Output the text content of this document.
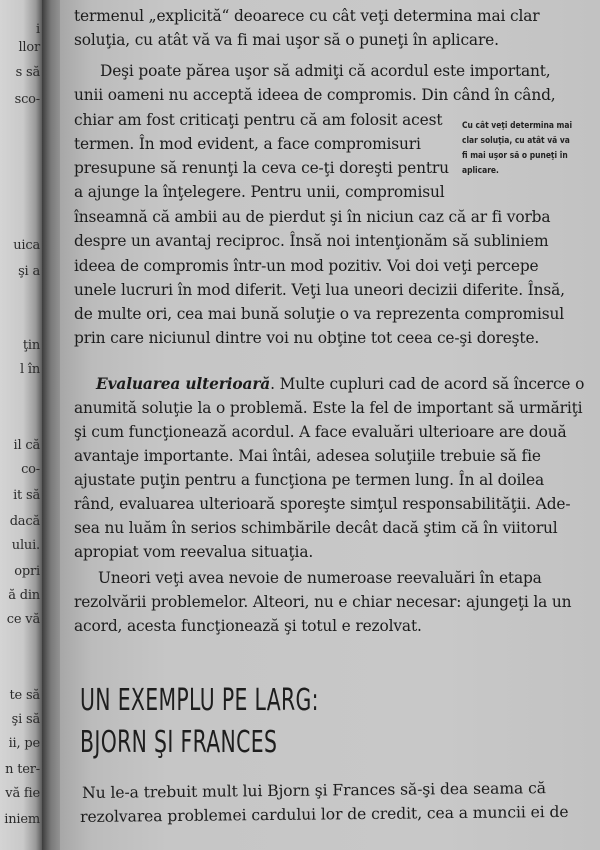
i
llor
s să
sco-
uica
şi a
ţin
l în
il că
co-
it să
dacă
ului.
opri
ă din
ce vă
te să
şi să
ii, pe
n ter-
vă fie
iniem
termenul „explicită“ deoarece cu cât veţi determina mai clar
soluţia, cu atât vă va fi mai uşor să o puneţi în aplicare.
Deşi poate părea uşor să admiţi că acordul este important,
unii oameni nu acceptă ideea de compromis. Din când în când,
chiar am fost criticaţi pentru că am folosit acest
termen. În mod evident, a face compromisuri
presupune să renunţi la ceva ce-ţi doreşti pentru
a ajunge la înţelegere. Pentru unii, compromisul
înseamnă că ambii au de pierdut şi în niciun caz că ar fi vorba
despre un avantaj reciproc. Însă noi intenţionăm să subliniem
ideea de compromis într-un mod pozitiv. Voi doi veţi percepe
unele lucruri în mod diferit. Veţi lua uneori decizii diferite. Însă,
de multe ori, cea mai bună soluţie o va reprezenta compromisul
prin care niciunul dintre voi nu obţine tot ceea ce-şi doreşte.
Evaluarea ulterioară. Multe cupluri cad de acord să încerce o
anumită soluţie la o problemă. Este la fel de important să urmăriţi
şi cum funcţionează acordul. A face evaluări ulterioare are două
avantaje importante. Mai întâi, adesea soluţiile trebuie să fie
ajustate puţin pentru a funcţiona pe termen lung. În al doilea
rând, evaluarea ulterioară sporeşte simţul responsabilităţii. Ade-
sea nu luăm în serios schimbările decât dacă ştim că în viitorul
apropiat vom reevalua situaţia.
Uneori veţi avea nevoie de numeroase reevaluări în etapa
rezolvării problemelor. Alteori, nu e chiar necesar: ajungeţi la un
acord, acesta funcţionează şi totul e rezolvat.
Cu cât veţi determina mai
clar soluţia, cu atât vă va
fi mai uşor să o puneţi în
aplicare.
UN EXEMPLU PE LARG:
BJORN ŞI FRANCES
Nu le-a trebuit mult lui Bjorn şi Frances să-şi dea seama că
rezolvarea problemei cardului lor de credit, cea a muncii ei de
